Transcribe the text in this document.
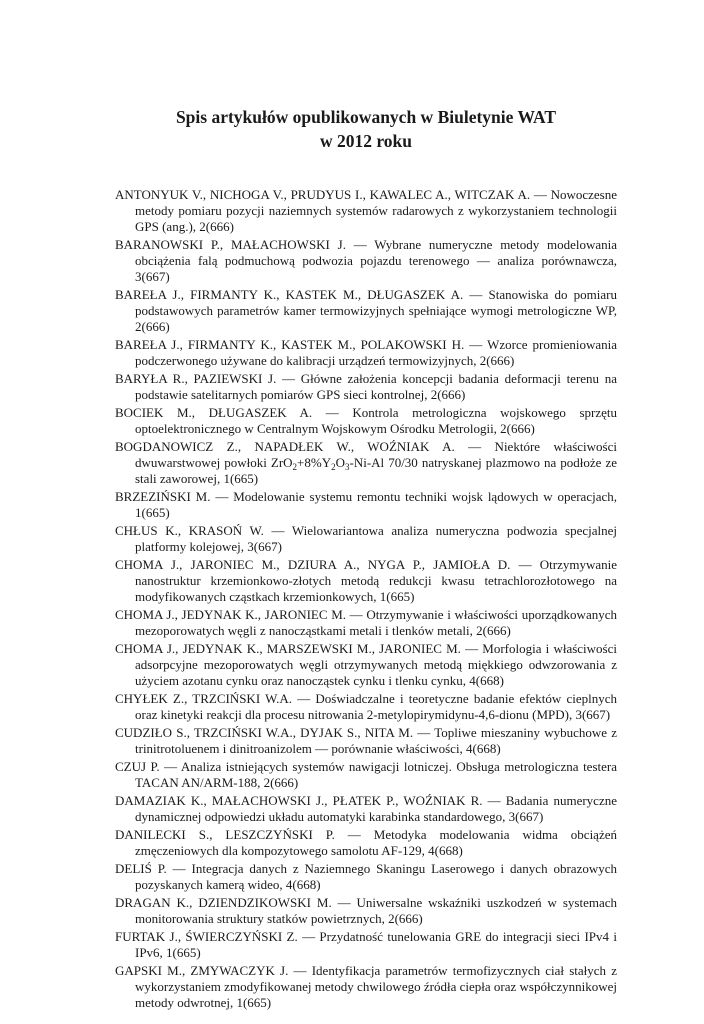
Spis artykułów opublikowanych w Biuletynie WAT
w 2012 roku

ANTONYUK V., NICHOGA V., PRUDYUS I., KAWALEC A., WITCZAK A. — Nowoczesne metody pomiaru pozycji naziemnych systemów radarowych z wykorzystaniem technologii GPS (ang.), 2(666)

BARANOWSKI P., MAŁACHOWSKI J. — Wybrane numeryczne metody modelowania obciążenia falą podmuchową podwozia pojazdu terenowego — analiza porównawcza, 3(667)

BAREŁA J., FIRMANTY K., KASTEK M., DŁUGASZEK A. — Stanowiska do pomiaru podstawowych parametrów kamer termowizyjnych spełniające wymogi metrologiczne WP, 2(666)

BAREŁA J., FIRMANTY K., KASTEK M., POLAKOWSKI H. — Wzorce promieniowania podczerwonego używane do kalibracji urządzeń termowizyjnych, 2(666)

BARYŁA R., PAZIEWSKI J. — Główne założenia koncepcji badania deformacji terenu na podstawie satelitarnych pomiarów GPS sieci kontrolnej, 2(666)

BOCIEK M., DŁUGASZEK A. — Kontrola metrologiczna wojskowego sprzętu optoelektronicznego w Centralnym Wojskowym Ośrodku Metrologii, 2(666)

BOGDANOWICZ Z., NAPADŁEK W., WOŹNIAK A. — Niektóre właściwości dwuwarstwowej powłoki $ZrO_2+8\%Y_2O_3-Ni-Al$ 70/30 natryskanej plazmowo na podłoże ze stali zaworowej, 1(665)

BRZEZIŃSKI M. — Modelowanie systemu remontu techniki wojsk lądowych w operacjach, 1(665)

CHŁUS K., KRASOŃ W. — Wielowariantowa analiza numeryczna podwozia specjalnej platformy kolejowej, 3(667)

CHOMA J., JARONIEC M., DZIURA A., NYGA P., JAMIOŁA D. — Otrzymywanie nanostruktur krzemionkowo-złotych metodą redukcji kwasu tetrachlorozłotowego na modyfikowanych cząstkach krzemionkowych, 1(665)

CHOMA J., JEDYNAK K., JARONIEC M. — Otrzymywanie i właściwości uporządkowanych mezoporowatych węgli z nanocząstkami metali i tlenków metali, 2(666)

CHOMA J., JEDYNAK K., MARSZEWSKI M., JARONIEC M. — Morfologia i właściwości adsorpcyjne mezoporowatych węgli otrzymywanych metodą miękkiego odwzorowania z użyciem azotanu cynku oraz nanocząstek cynku i tlenku cynku, 4(668)

CHYŁEK Z., TRZCIŃSKI W.A. — Doświadczalne i teoretyczne badanie efektów cieplnych oraz kinetyki reakcji dla procesu nitrowania 2-metylopirymidynu-4,6-dionu (MPD), 3(667)

CUDZIŁO S., TRZCIŃSKI W.A., DYJAK S., NITA M. — Topliwe mieszaniny wybuchowe z trinitrotoluenem i dinitroanizolem — porównanie właściwości, 4(668)

CZUJ P. — Analiza istniejących systemów nawigacji lotniczej. Obsługa metrologiczna testera TACAN AN/ARM-188, 2(666)

DAMAZIAK K., MAŁACHOWSKI J., PŁATEK P., WOŹNIAK R. — Badania numeryczne dynamicznej odpowiedzi układu automatyki karabinka standardowego, 3(667)

DANILECKI S., LESZCZYŃSKI P. — Metodyka modelowania widma obciążeń zmęczeniowych dla kompozytowego samolotu AF-129, 4(668)

DELIŚ P. — Integracja danych z Naziemnego Skaningu Laserowego i danych obrazowych pozyskanych kamerą wideo, 4(668)

DRAGAN K., DZIENDZIKOWSKI M. — Uniwersalne wskaźniki uszkodzeń w systemach monitorowania struktury statków powietrznych, 2(666)

FURTAK J., ŚWIERCZYŃSKI Z. — Przydatność tunelowania GRE do integracji sieci IPv4 i IPv6, 1(665)

GAPSKI M., ZMYWACZYK J. — Identyfikacja parametrów termofizycznych ciał stałych z wykorzystaniem zmodyfikowanej metody chwilowego źródła ciepła oraz współczynnikowej metody odwrotnej, 1(665)
